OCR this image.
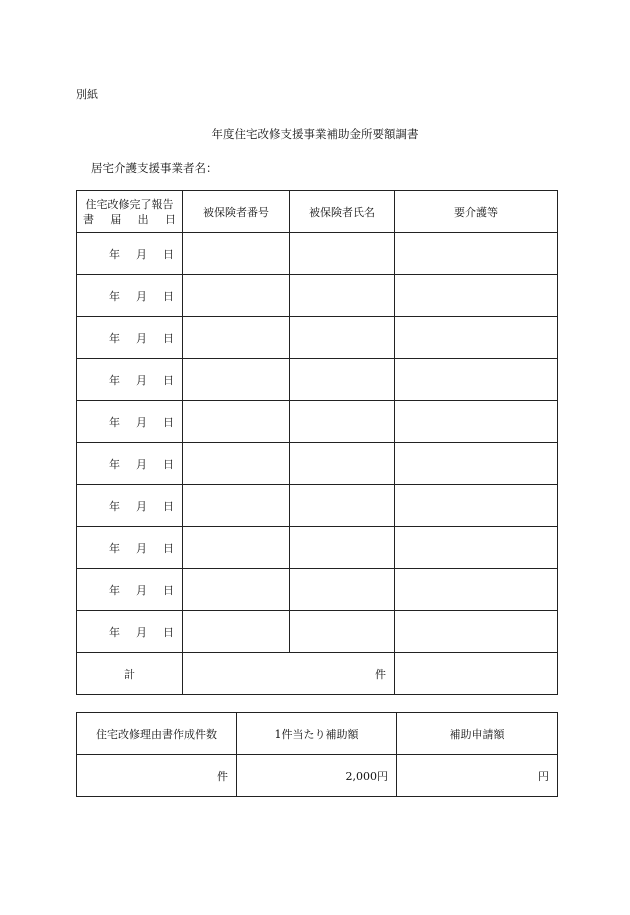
別紙
年度住宅改修支援事業補助金所要額調書
居宅介護支援事業者名：
住宅改修完了報告
書 届 出 日	被保険者番号	被保険者氏名	要介護等

年 月 日			

年 月 日			

年 月 日			

年 月 日			

年 月 日			

年 月 日			

年 月 日			

年 月 日			

年 月 日			

年 月 日			

計	件		
住宅改修理由書作成件数	1件当たり補助額	補助申請額
件	2,000円	円
